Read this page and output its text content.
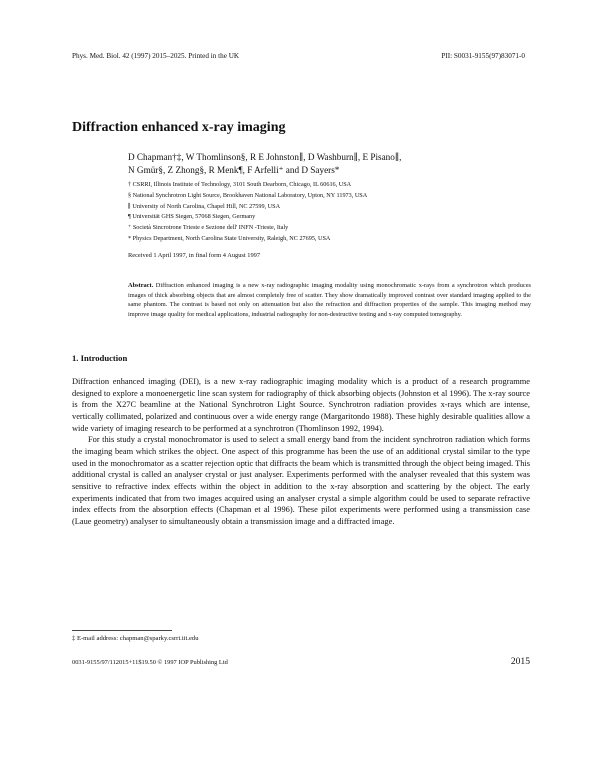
Phys. Med. Biol. 42 (1997) 2015–2025. Printed in the UK	PII: S0031-9155(97)83071-0
Diffraction enhanced x-ray imaging
D Chapman†‡, W Thomlinson§, R E Johnston∥, D Washburn∥, E Pisano∥,
N Gmür§, Z Zhong§, R Menk¶, F Arfelli⁺ and D Sayers*
† CSRRI, Illinois Institute of Technology, 3101 South Dearborn, Chicago, IL 60616, USA
§ National Synchrotron Light Source, Brookhaven National Laboratory, Upton, NY 11973, USA
∥ University of North Carolina, Chapel Hill, NC 27599, USA
¶ Universität GHS Siegen, 57068 Siegen, Germany
⁺ Società Sincrotrone Trieste e Sezione dell' INFN -Trieste, Italy
* Physics Department, North Carolina State University, Raleigh, NC 27695, USA
Received 1 April 1997, in final form 4 August 1997
Abstract. Diffraction enhanced imaging is a new x-ray radiographic imaging modality using monochromatic x-rays from a synchrotron which produces images of thick absorbing objects that are almost completely free of scatter. They show dramatically improved contrast over standard imaging applied to the same phantom. The contrast is based not only on attenuation but also the refraction and diffraction properties of the sample. This imaging method may improve image quality for medical applications, industrial radiography for non-destructive testing and x-ray computed tomography.
1. Introduction

Diffraction enhanced imaging (DEI), is a new x-ray radiographic imaging modality which is a product of a research programme designed to explore a monoenergetic line scan system for radiography of thick absorbing objects (Johnston et al 1996). The x-ray source is from the X27C beamline at the National Synchrotron Light Source. Synchrotron radiation provides x-rays which are intense, vertically collimated, polarized and continuous over a wide energy range (Margaritondo 1988). These highly desirable qualities allow a wide variety of imaging research to be performed at a synchrotron (Thomlinson 1992, 1994).

For this study a crystal monochromator is used to select a small energy band from the incident synchrotron radiation which forms the imaging beam which strikes the object. One aspect of this programme has been the use of an additional crystal similar to the type used in the monochromator as a scatter rejection optic that diffracts the beam which is transmitted through the object being imaged. This additional crystal is called an analyser crystal or just analyser. Experiments performed with the analyser revealed that this system was sensitive to refractive index effects within the object in addition to the x-ray absorption and scattering by the object. The early experiments indicated that from two images acquired using an analyser crystal a simple algorithm could be used to separate refractive index effects from the absorption effects (Chapman et al 1996). These pilot experiments were performed using a transmission case (Laue geometry) analyser to simultaneously obtain a transmission image and a diffracted image.

‡ E-mail address: chapman@sparky.csrri.iit.edu
0031-9155/97/112015+11$19.50 © 1997 IOP Publishing Ltd	2015
